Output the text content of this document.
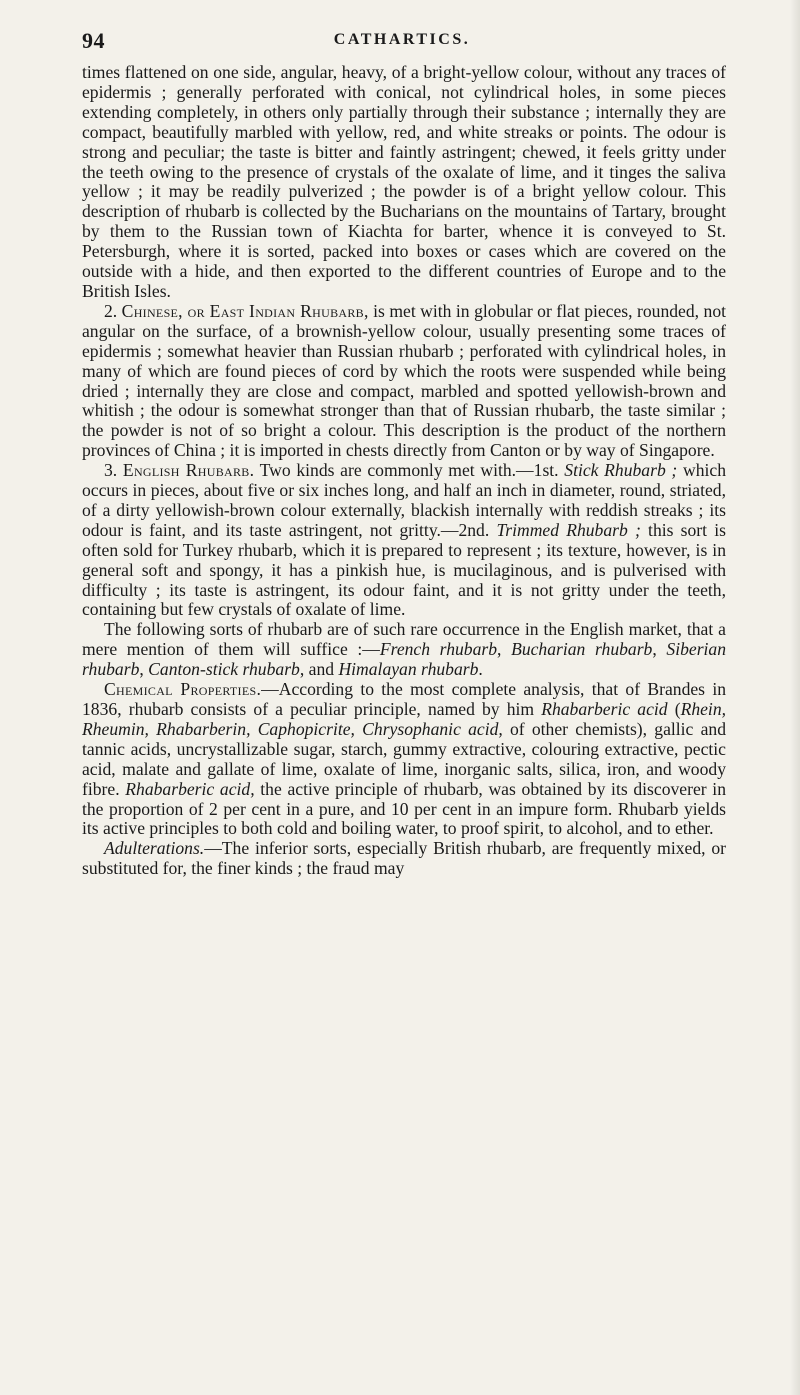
94	CATHARTICS.

times flattened on one side, angular, heavy, of a bright-yellow colour, without any traces of epidermis ; generally perforated with conical, not cylindrical holes, in some pieces extending completely, in others only partially through their substance ; internally they are compact, beautifully marbled with yellow, red, and white streaks or points. The odour is strong and peculiar; the taste is bitter and faintly astringent; chewed, it feels gritty under the teeth owing to the presence of crystals of the oxalate of lime, and it tinges the saliva yellow ; it may be readily pulverized ; the powder is of a bright yellow colour. This description of rhubarb is collected by the Bucharians on the mountains of Tartary, brought by them to the Russian town of Kiachta for barter, whence it is conveyed to St. Petersburgh, where it is sorted, packed into boxes or cases which are covered on the outside with a hide, and then exported to the different countries of Europe and to the British Isles.

2. Chinese, or East Indian Rhubarb, is met with in globular or flat pieces, rounded, not angular on the surface, of a brownish-yellow colour, usually presenting some traces of epidermis ; somewhat heavier than Russian rhubarb ; perforated with cylindrical holes, in many of which are found pieces of cord by which the roots were suspended while being dried ; internally they are close and compact, marbled and spotted yellowish-brown and whitish ; the odour is somewhat stronger than that of Russian rhubarb, the taste similar ; the powder is not of so bright a colour. This description is the product of the northern provinces of China ; it is imported in chests directly from Canton or by way of Singapore.

3. English Rhubarb. Two kinds are commonly met with.—1st. Stick Rhubarb ; which occurs in pieces, about five or six inches long, and half an inch in diameter, round, striated, of a dirty yellowish-brown colour externally, blackish internally with reddish streaks ; its odour is faint, and its taste astringent, not gritty.—2nd. Trimmed Rhubarb ; this sort is often sold for Turkey rhubarb, which it is prepared to represent ; its texture, however, is in general soft and spongy, it has a pinkish hue, is mucilaginous, and is pulverised with difficulty ; its taste is astringent, its odour faint, and it is not gritty under the teeth, containing but few crystals of oxalate of lime.

The following sorts of rhubarb are of such rare occurrence in the English market, that a mere mention of them will suffice :—French rhubarb, Bucharian rhubarb, Siberian rhubarb, Canton-stick rhubarb, and Himalayan rhubarb.

Chemical Properties.—According to the most complete analysis, that of Brandes in 1836, rhubarb consists of a peculiar principle, named by him Rhabarberic acid (Rhein, Rheumin, Rhabarberin, Caphopicrite, Chrysophanic acid, of other chemists), gallic and tannic acids, uncrystallizable sugar, starch, gummy extractive, colouring extractive, pectic acid, malate and gallate of lime, oxalate of lime, inorganic salts, silica, iron, and woody fibre. Rhabarberic acid, the active principle of rhubarb, was obtained by its discoverer in the proportion of 2 per cent in a pure, and 10 per cent in an impure form. Rhubarb yields its active principles to both cold and boiling water, to proof spirit, to alcohol, and to ether.

Adulterations.—The inferior sorts, especially British rhubarb, are frequently mixed, or substituted for, the finer kinds ; the fraud may
